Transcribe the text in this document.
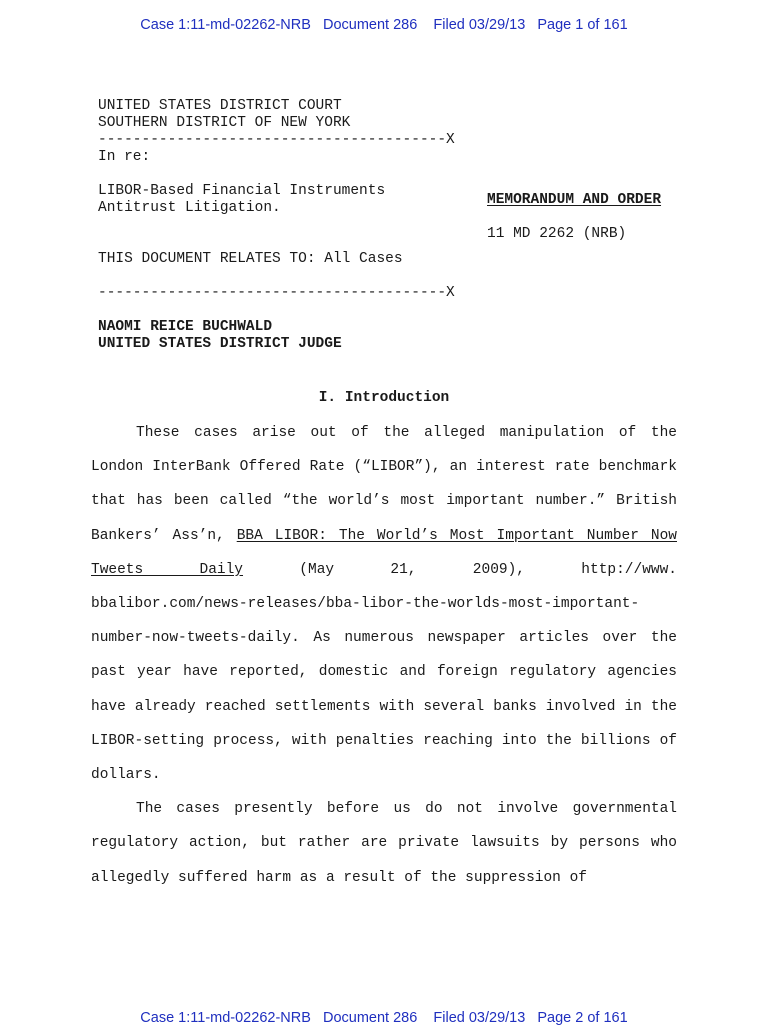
Case 1:11-md-02262-NRB   Document 286    Filed 03/29/13   Page 1 of 161
UNITED STATES DISTRICT COURT
SOUTHERN DISTRICT OF NEW YORK
----------------------------------------X
In re:
LIBOR-Based Financial Instruments
Antitrust Litigation.	MEMORANDUM AND ORDER
11 MD 2262 (NRB)
THIS DOCUMENT RELATES TO: All Cases
----------------------------------------X
NAOMI REICE BUCHWALD
UNITED STATES DISTRICT JUDGE
I. Introduction

These cases arise out of the alleged manipulation of the London InterBank Offered Rate (“LIBOR”), an interest rate benchmark that has been called “the world’s most important number.” British Bankers’ Ass’n, BBA LIBOR: The World’s Most Important Number Now Tweets Daily (May 21, 2009), http://www. bbalibor.com/news-releases/bba-libor-the-worlds-most-important- number-now-tweets-daily. As numerous newspaper articles over the past year have reported, domestic and foreign regulatory agencies have already reached settlements with several banks involved in the LIBOR-setting process, with penalties reaching into the billions of dollars.

The cases presently before us do not involve governmental regulatory action, but rather are private lawsuits by persons who allegedly suffered harm as a result of the suppression of

Case 1:11-md-02262-NRB   Document 286    Filed 03/29/13   Page 2 of 161
